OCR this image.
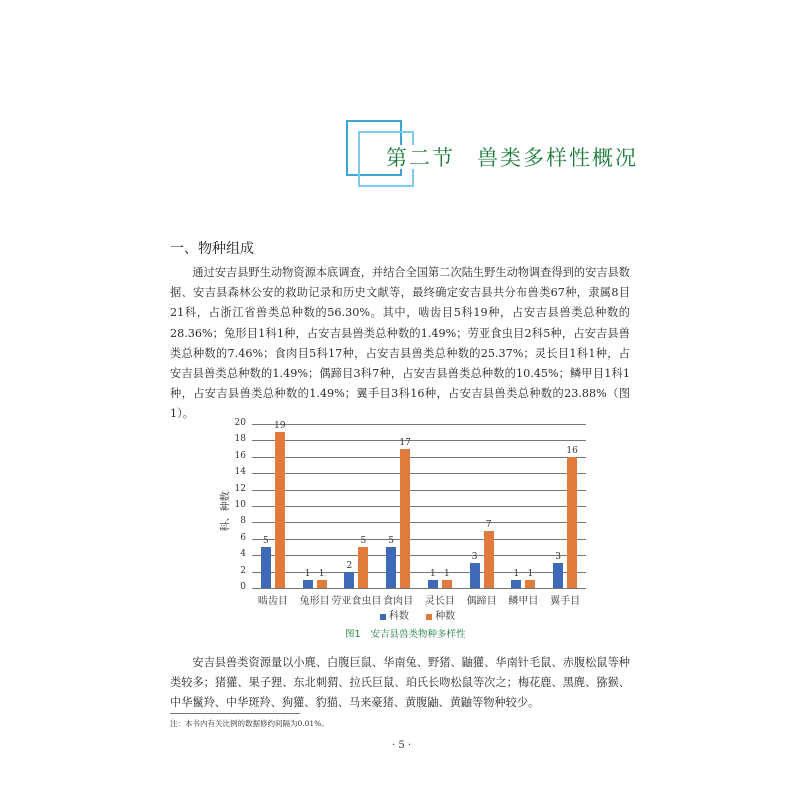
第二节 兽类多样性概况
一、物种组成

通过安吉县野生动物资源本底调查，并结合全国第二次陆生野生动物调查得到的安吉县数据、安吉县森林公安的救助记录和历史文献等，最终确定安吉县共分布兽类67种，隶属8目21科，占浙江省兽类总种数的56.30%。其中，啮齿目5科19种，占安吉县兽类总种数的28.36%；兔形目1科1种，占安吉县兽类总种数的1.49%；劳亚食虫目2科5种，占安吉县兽类总种数的7.46%；食肉目5科17种，占安吉县兽类总种数的25.37%；灵长目1科1种，占安吉县兽类总种数的1.49%；偶蹄目3科7种，占安吉县兽类总种数的10.45%；鳞甲目1科1种，占安吉县兽类总种数的1.49%；翼手目3科16种，占安吉县兽类总种数的23.88%（图1）。

科、种数
0
2
4
6
8
10
12
14
16
18
20
5
19
啮齿目
1 1
兔形目
2
5
劳亚食虫目
5
17
食肉目
1 1
灵长目
3
7
偶蹄目
1 1
鳞甲目
3
16
翼手目
科数	种数
图1 安吉县兽类物种多样性

安吉县兽类资源量以小麂、白腹巨鼠、华南兔、野猪、鼬獾、华南针毛鼠、赤腹松鼠等种类较多；猪獾、果子狸、东北刺猬、拉氏巨鼠、珀氏长吻松鼠等次之；梅花鹿、黑麂、猕猴、中华鬣羚、中华斑羚、狗獾、豹猫、马来豪猪、黄腹鼬、黄鼬等物种较少。

注：本书内有关比例的数据修约间隔为0.01%。
· 5 ·
